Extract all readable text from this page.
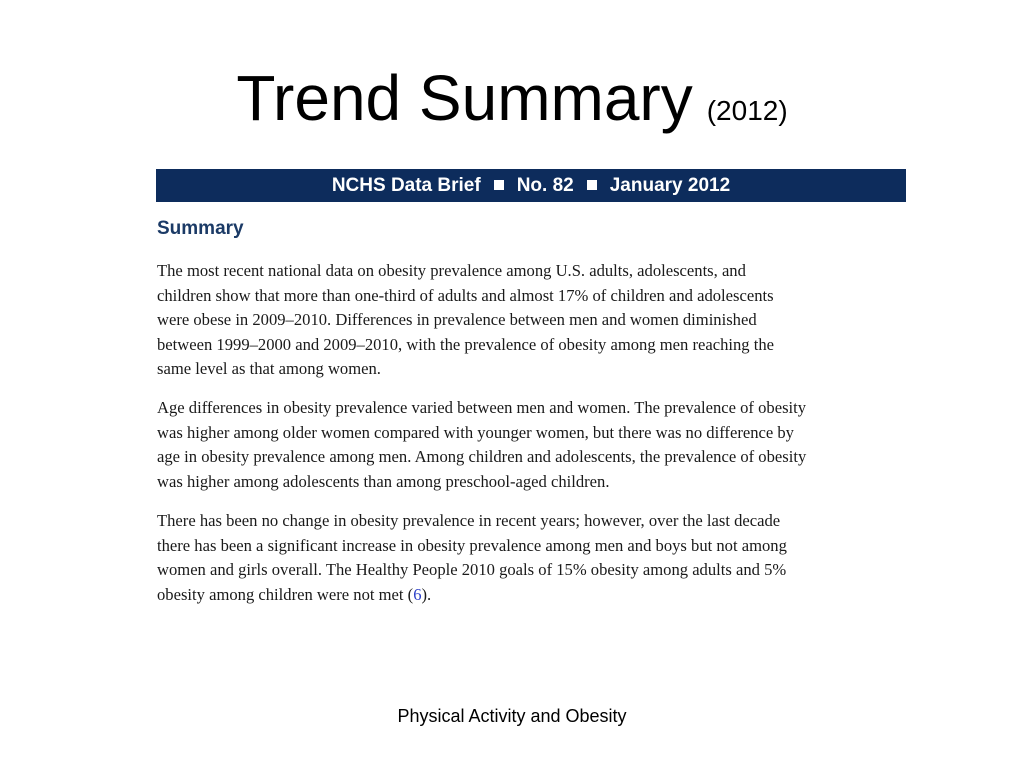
Trend Summary (2012)
NCHS Data Brief No. 82 January 2012
Summary
The most recent national data on obesity prevalence among U.S. adults, adolescents, and
children show that more than one-third of adults and almost 17% of children and adolescents
were obese in 2009–2010. Differences in prevalence between men and women diminished
between 1999–2000 and 2009–2010, with the prevalence of obesity among men reaching the
same level as that among women.
Age differences in obesity prevalence varied between men and women. The prevalence of obesity
was higher among older women compared with younger women, but there was no difference by
age in obesity prevalence among men. Among children and adolescents, the prevalence of obesity
was higher among adolescents than among preschool-aged children.
There has been no change in obesity prevalence in recent years; however, over the last decade
there has been a significant increase in obesity prevalence among men and boys but not among
women and girls overall. The Healthy People 2010 goals of 15% obesity among adults and 5%
obesity among children were not met (6).
Physical Activity and Obesity
